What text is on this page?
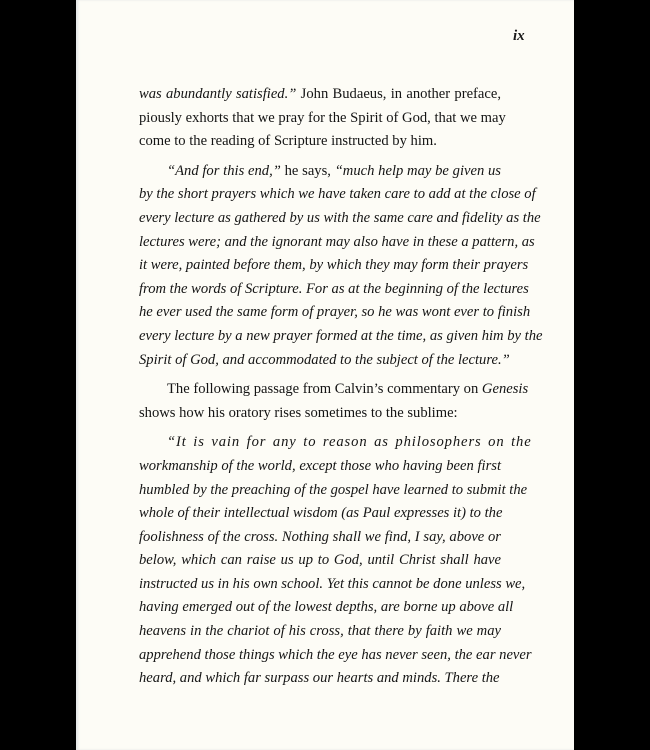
ix

was abundantly satisfied.” John Budaeus, in another preface,
piously exhorts that we pray for the Spirit of God, that we may
come to the reading of Scripture instructed by him.

“And for this end,” he says, “much help may be given us
by the short prayers which we have taken care to add at the close of
every lecture as gathered by us with the same care and fidelity as the
lectures were; and the ignorant may also have in these a pattern, as
it were, painted before them, by which they may form their prayers
from the words of Scripture. For as at the beginning of the lectures
he ever used the same form of prayer, so he was wont ever to finish
every lecture by a new prayer formed at the time, as given him by the
Spirit of God, and accommodated to the subject of the lecture.”

The following passage from Calvin’s commentary on Genesis
shows how his oratory rises sometimes to the sublime:

“It is vain for any to reason as philosophers on the
workmanship of the world, except those who having been first
humbled by the preaching of the gospel have learned to submit the
whole of their intellectual wisdom (as Paul expresses it) to the
foolishness of the cross. Nothing shall we find, I say, above or
below, which can raise us up to God, until Christ shall have
instructed us in his own school. Yet this cannot be done unless we,
having emerged out of the lowest depths, are borne up above all
heavens in the chariot of his cross, that there by faith we may
apprehend those things which the eye has never seen, the ear never
heard, and which far surpass our hearts and minds. There the
